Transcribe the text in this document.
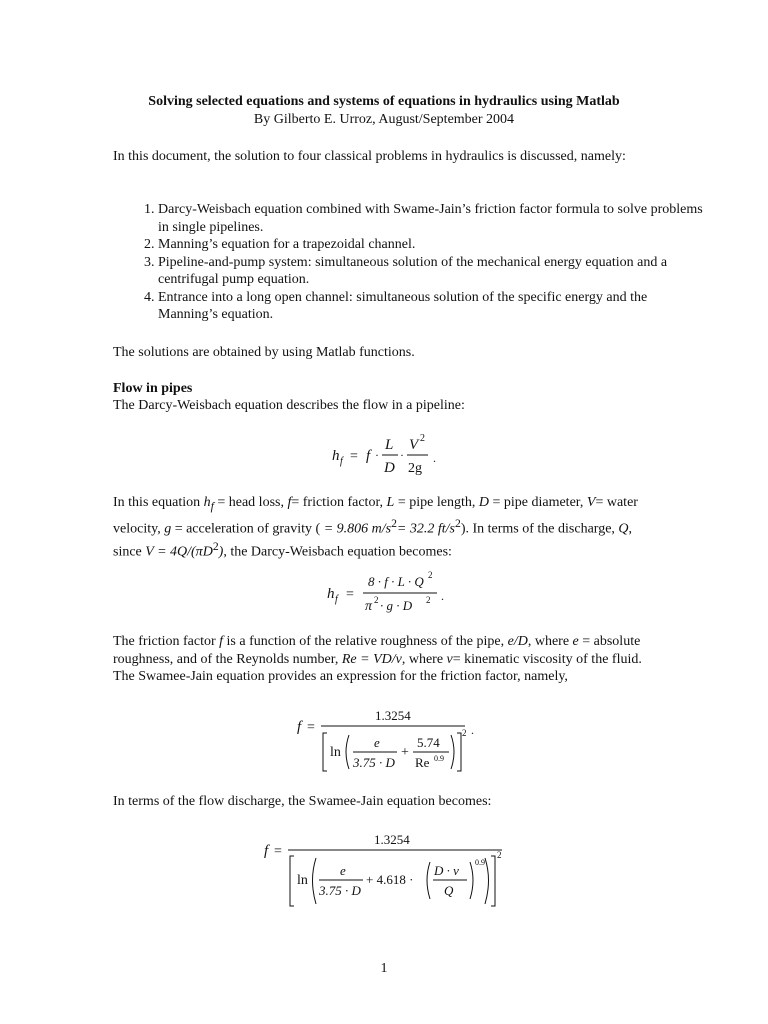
Solving selected equations and systems of equations in hydraulics using Matlab
By Gilberto E. Urroz, August/September 2004
In this document, the solution to four classical problems in hydraulics is discussed, namely:
1. Darcy-Weisbach equation combined with Swame-Jain’s friction factor formula to solve problems in single pipelines.
2. Manning’s equation for a trapezoidal channel.
3. Pipeline-and-pump system: simultaneous solution of the mechanical energy equation and a centrifugal pump equation.
4. Entrance into a long open channel: simultaneous solution of the specific energy and the Manning’s equation.
The solutions are obtained by using Matlab functions.
Flow in pipes
The Darcy-Weisbach equation describes the flow in a pipeline:
h f = f ·
L
D
·
V 2
2g
.
In this equation $h_f$ = head loss, f= friction factor, L = pipe length, D = pipe diameter, V= water velocity, g = acceleration of gravity ( = 9.806 $m/s^2= 32.2$ $ft/s^2$). In terms of the discharge, Q, since $V = 4Q/(\pi D^2)$, the Darcy-Weisbach equation becomes:
h f =
8 · f · L · Q 2
π 2 · g · D 2 .
The friction factor f is a function of the relative roughness of the pipe, e/D, where e = absolute roughness, and of the Reynolds number, Re = VD/ν, where ν= kinematic viscosity of the fluid. The Swamee-Jain equation provides an expression for the friction factor, namely,
f =
1.3254
ln
e
3.75 · D
+
5.74
Re 0.9
2 .
In terms of the flow discharge, the Swamee-Jain equation becomes:
f =
1.3254
ln
e
3.75 · D
+ 4.618 ·
D · ν
Q
0.9
2
1
